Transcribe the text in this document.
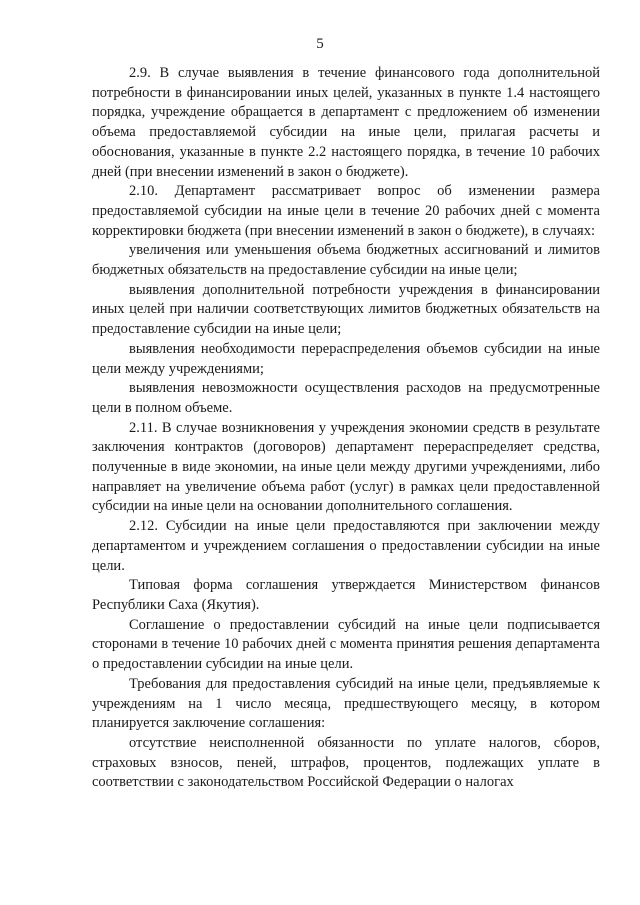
5

2.9. В случае выявления в течение финансового года дополнительной потребности в финансировании иных целей, указанных в пункте 1.4 настоящего порядка, учреждение обращается в департамент с предложением об изменении объема предоставляемой субсидии на иные цели, прилагая расчеты и обоснования, указанные в пункте 2.2 настоящего порядка, в течение 10 рабочих дней (при внесении изменений в закон о бюджете).

2.10. Департамент рассматривает вопрос об изменении размера предоставляемой субсидии на иные цели в течение 20 рабочих дней с момента корректировки бюджета (при внесении изменений в закон о бюджете), в случаях:

увеличения или уменьшения объема бюджетных ассигнований и лимитов бюджетных обязательств на предоставление субсидии на иные цели;

выявления дополнительной потребности учреждения в финансировании иных целей при наличии соответствующих лимитов бюджетных обязательств на предоставление субсидии на иные цели;

выявления необходимости перераспределения объемов субсидии на иные цели между учреждениями;

выявления невозможности осуществления расходов на предусмотренные цели в полном объеме.

2.11. В случае возникновения у учреждения экономии средств в результате заключения контрактов (договоров) департамент перераспределяет средства, полученные в виде экономии, на иные цели между другими учреждениями, либо направляет на увеличение объема работ (услуг) в рамках цели предоставленной субсидии на иные цели на основании дополнительного соглашения.

2.12. Субсидии на иные цели предоставляются при заключении между департаментом и учреждением соглашения о предоставлении субсидии на иные цели.

Типовая форма соглашения утверждается Министерством финансов Республики Саха (Якутия).

Соглашение о предоставлении субсидий на иные цели подписывается сторонами в течение 10 рабочих дней с момента принятия решения департамента о предоставлении субсидии на иные цели.

Требования для предоставления субсидий на иные цели, предъявляемые к учреждениям на 1 число месяца, предшествующего месяцу, в котором планируется заключение соглашения:

отсутствие неисполненной обязанности по уплате налогов, сборов, страховых взносов, пеней, штрафов, процентов, подлежащих уплате в соответствии с законодательством Российской Федерации о налогах
